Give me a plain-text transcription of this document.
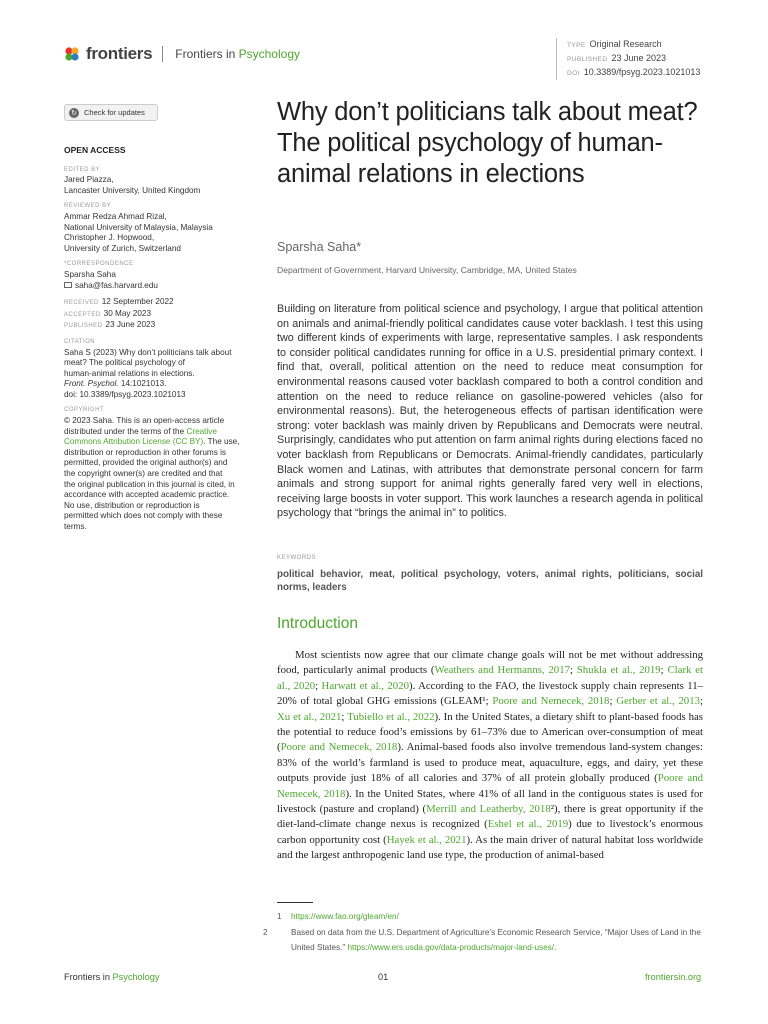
frontiers Frontiers in Psychology
TYPE Original Research
PUBLISHED 23 June 2023
DOI 10.3389/fpsyg.2023.1021013
↻ Check for updates
OPEN ACCESS
EDITED BY
Jared Piazza,
Lancaster University, United Kingdom
REVIEWED BY
Ammar Redza Ahmad Rizal,
National University of Malaysia, Malaysia
Christopher J. Hopwood,
University of Zurich, Switzerland
*CORRESPONDENCE
Sparsha Saha
saha@fas.harvard.edu
RECEIVED 12 September 2022
ACCEPTED 30 May 2023
PUBLISHED 23 June 2023
CITATION
Saha S (2023) Why don’t politicians talk about
meat? The political psychology of
human-animal relations in elections.
Front. Psychol. 14:1021013.
doi: 10.3389/fpsyg.2023.1021013
COPYRIGHT
© 2023 Saha. This is an open-access article
distributed under the terms of the Creative
Commons Attribution License (CC BY). The use,
distribution or reproduction in other forums is
permitted, provided the original author(s) and
the copyright owner(s) are credited and that
the original publication in this journal is cited, in
accordance with accepted academic practice.
No use, distribution or reproduction is
permitted which does not comply with these
terms.
Why don’t politicians talk about meat? The political psychology of human-animal relations in elections
Sparsha Saha*
Department of Government, Harvard University, Cambridge, MA, United States
Building on literature from political science and psychology, I argue that political attention on animals and animal-friendly political candidates cause voter backlash. I test this using two different kinds of experiments with large, representative samples. I ask respondents to consider political candidates running for office in a U.S. presidential primary context. I find that, overall, political attention on the need to reduce meat consumption for environmental reasons caused voter backlash compared to both a control condition and attention on the need to reduce reliance on gasoline-powered vehicles (also for environmental reasons). But, the heterogeneous effects of partisan identification were strong: voter backlash was mainly driven by Republicans and Democrats were neutral. Surprisingly, candidates who put attention on farm animal rights during elections faced no voter backlash from Republicans or Democrats. Animal-friendly candidates, particularly Black women and Latinas, with attributes that demonstrate personal concern for farm animals and strong support for animal rights generally fared very well in elections, receiving large boosts in voter support. This work launches a research agenda in political psychology that “brings the animal in” to politics.
KEYWORDS
political behavior, meat, political psychology, voters, animal rights, politicians, social norms, leaders
Introduction
Most scientists now agree that our climate change goals will not be met without addressing food, particularly animal products (Weathers and Hermanns, 2017; Shukla et al., 2019; Clark et al., 2020; Harwatt et al., 2020). According to the FAO, the livestock supply chain represents 11–20% of total global GHG emissions (GLEAM¹; Poore and Nemecek, 2018; Gerber et al., 2013; Xu et al., 2021; Tubiello et al., 2022). In the United States, a dietary shift to plant-based foods has the potential to reduce food’s emissions by 61–73% due to American over-consumption of meat (Poore and Nemecek, 2018). Animal-based foods also involve tremendous land-system changes: 83% of the world’s farmland is used to produce meat, aquaculture, eggs, and dairy, yet these outputs provide just 18% of all calories and 37% of all protein globally produced (Poore and Nemecek, 2018). In the United States, where 41% of all land in the contiguous states is used for livestock (pasture and cropland) (Merrill and Leatherby, 2018²), there is great opportunity if the diet-land-climate change nexus is recognized (Eshel et al., 2019) due to livestock’s enormous carbon opportunity cost (Hayek et al., 2021). As the main driver of natural habitat loss worldwide and the largest anthropogenic land use type, the production of animal-based
1 https://www.fao.org/gleam/en/
2	Based on data from the U.S. Department of Agriculture’s Economic Research Service, “Major Uses of Land in the United States.” https://www.ers.usda.gov/data-products/major-land-uses/.
Frontiers in Psychology	01	frontiersin.org
